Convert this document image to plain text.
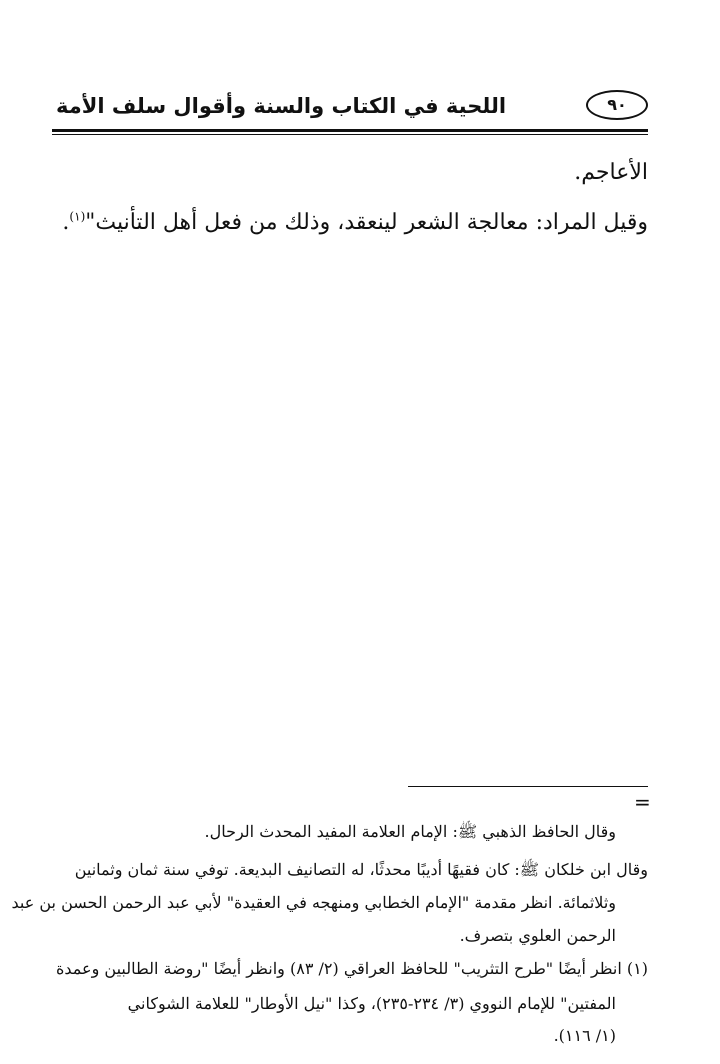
اللحية في الكتاب والسنة وأقوال سلف الأمة	٩٠
الأعاجم.
وقيل المراد: معالجة الشعر لينعقد، وذلك من فعل أهل التأنيث"$^{(١)}$.
=
وقال الحافظ الذهبي ﷺ: الإمام العلامة المفيد المحدث الرحال.
وقال ابن خلكان ﷺ: كان فقيهًا أديبًا محدثًا، له التصانيف البديعة. توفي سنة ثمان وثمانين
وثلاثمائة. انظر مقدمة "الإمام الخطابي ومنهجه في العقيدة" لأبي عبد الرحمن الحسن بن عبد
الرحمن العلوي بتصرف.
(١) انظر أيضًا "طرح التثريب" للحافظ العراقي (٢/ ٨٣) وانظر أيضًا "روضة الطالبين وعمدة
المفتين" للإمام النووي (٣/ ٢٣٤-٢٣٥)، وكذا "نيل الأوطار" للعلامة الشوكاني
(١/ ١١٦).
